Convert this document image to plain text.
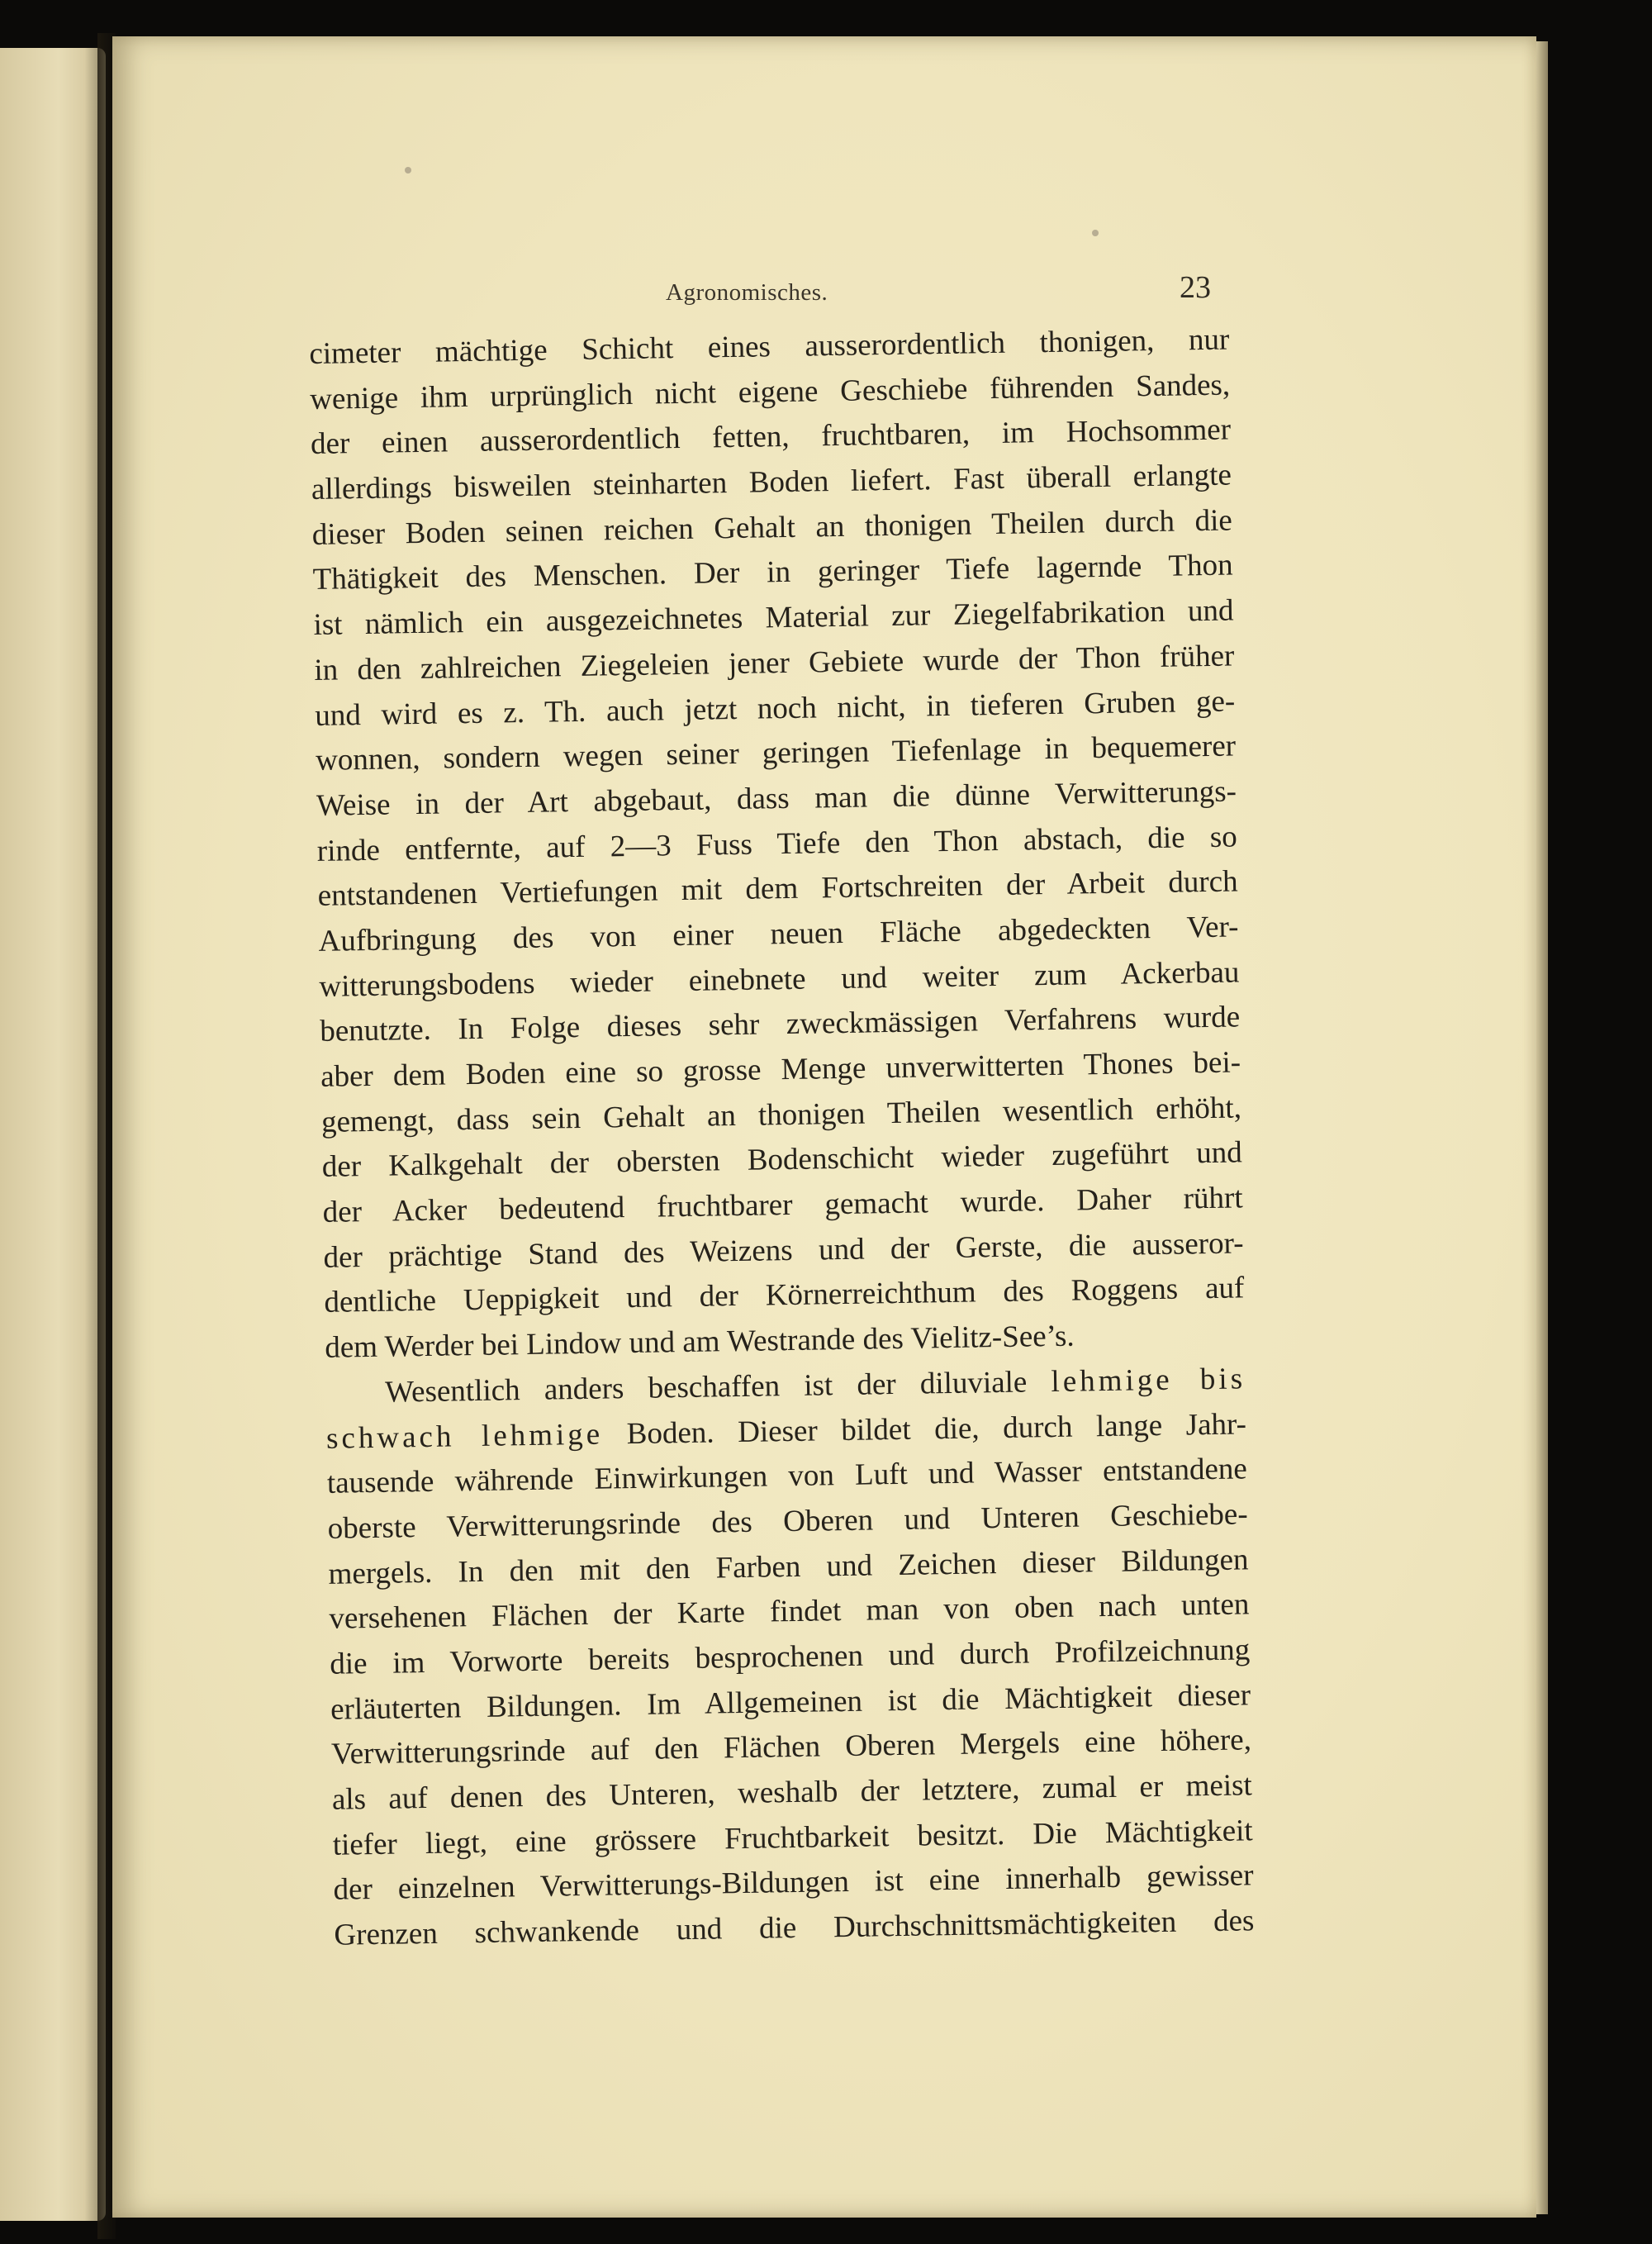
Agronomisches.	23
cimeter mächtige Schicht eines ausserordentlich thonigen, nur
wenige ihm urprünglich nicht eigene Geschiebe führenden Sandes,
der einen ausserordentlich fetten, fruchtbaren, im Hochsommer
allerdings bisweilen steinharten Boden liefert. Fast überall erlangte
dieser Boden seinen reichen Gehalt an thonigen Theilen durch die
Thätigkeit des Menschen. Der in geringer Tiefe lagernde Thon
ist nämlich ein ausgezeichnetes Material zur Ziegelfabrikation und
in den zahlreichen Ziegeleien jener Gebiete wurde der Thon früher
und wird es z. Th. auch jetzt noch nicht, in tieferen Gruben ge-
wonnen, sondern wegen seiner geringen Tiefenlage in bequemerer
Weise in der Art abgebaut, dass man die dünne Verwitterungs-
rinde entfernte, auf 2—3 Fuss Tiefe den Thon abstach, die so
entstandenen Vertiefungen mit dem Fortschreiten der Arbeit durch
Aufbringung des von einer neuen Fläche abgedeckten Ver-
witterungsbodens wieder einebnete und weiter zum Ackerbau
benutzte. In Folge dieses sehr zweckmässigen Verfahrens wurde
aber dem Boden eine so grosse Menge unverwitterten Thones bei-
gemengt, dass sein Gehalt an thonigen Theilen wesentlich erhöht,
der Kalkgehalt der obersten Bodenschicht wieder zugeführt und
der Acker bedeutend fruchtbarer gemacht wurde. Daher rührt
der prächtige Stand des Weizens und der Gerste, die ausseror-
dentliche Ueppigkeit und der Körnerreichthum des Roggens auf
dem Werder bei Lindow und am Westrande des Vielitz-See’s.
Wesentlich anders beschaffen ist der diluviale lehmige bis
schwach lehmige Boden. Dieser bildet die, durch lange Jahr-
tausende währende Einwirkungen von Luft und Wasser entstandene
oberste Verwitterungsrinde des Oberen und Unteren Geschiebe-
mergels. In den mit den Farben und Zeichen dieser Bildungen
versehenen Flächen der Karte findet man von oben nach unten
die im Vorworte bereits besprochenen und durch Profilzeichnung
erläuterten Bildungen. Im Allgemeinen ist die Mächtigkeit dieser
Verwitterungsrinde auf den Flächen Oberen Mergels eine höhere,
als auf denen des Unteren, weshalb der letztere, zumal er meist
tiefer liegt, eine grössere Fruchtbarkeit besitzt. Die Mächtigkeit
der einzelnen Verwitterungs-Bildungen ist eine innerhalb gewisser
Grenzen schwankende und die Durchschnittsmächtigkeiten des
